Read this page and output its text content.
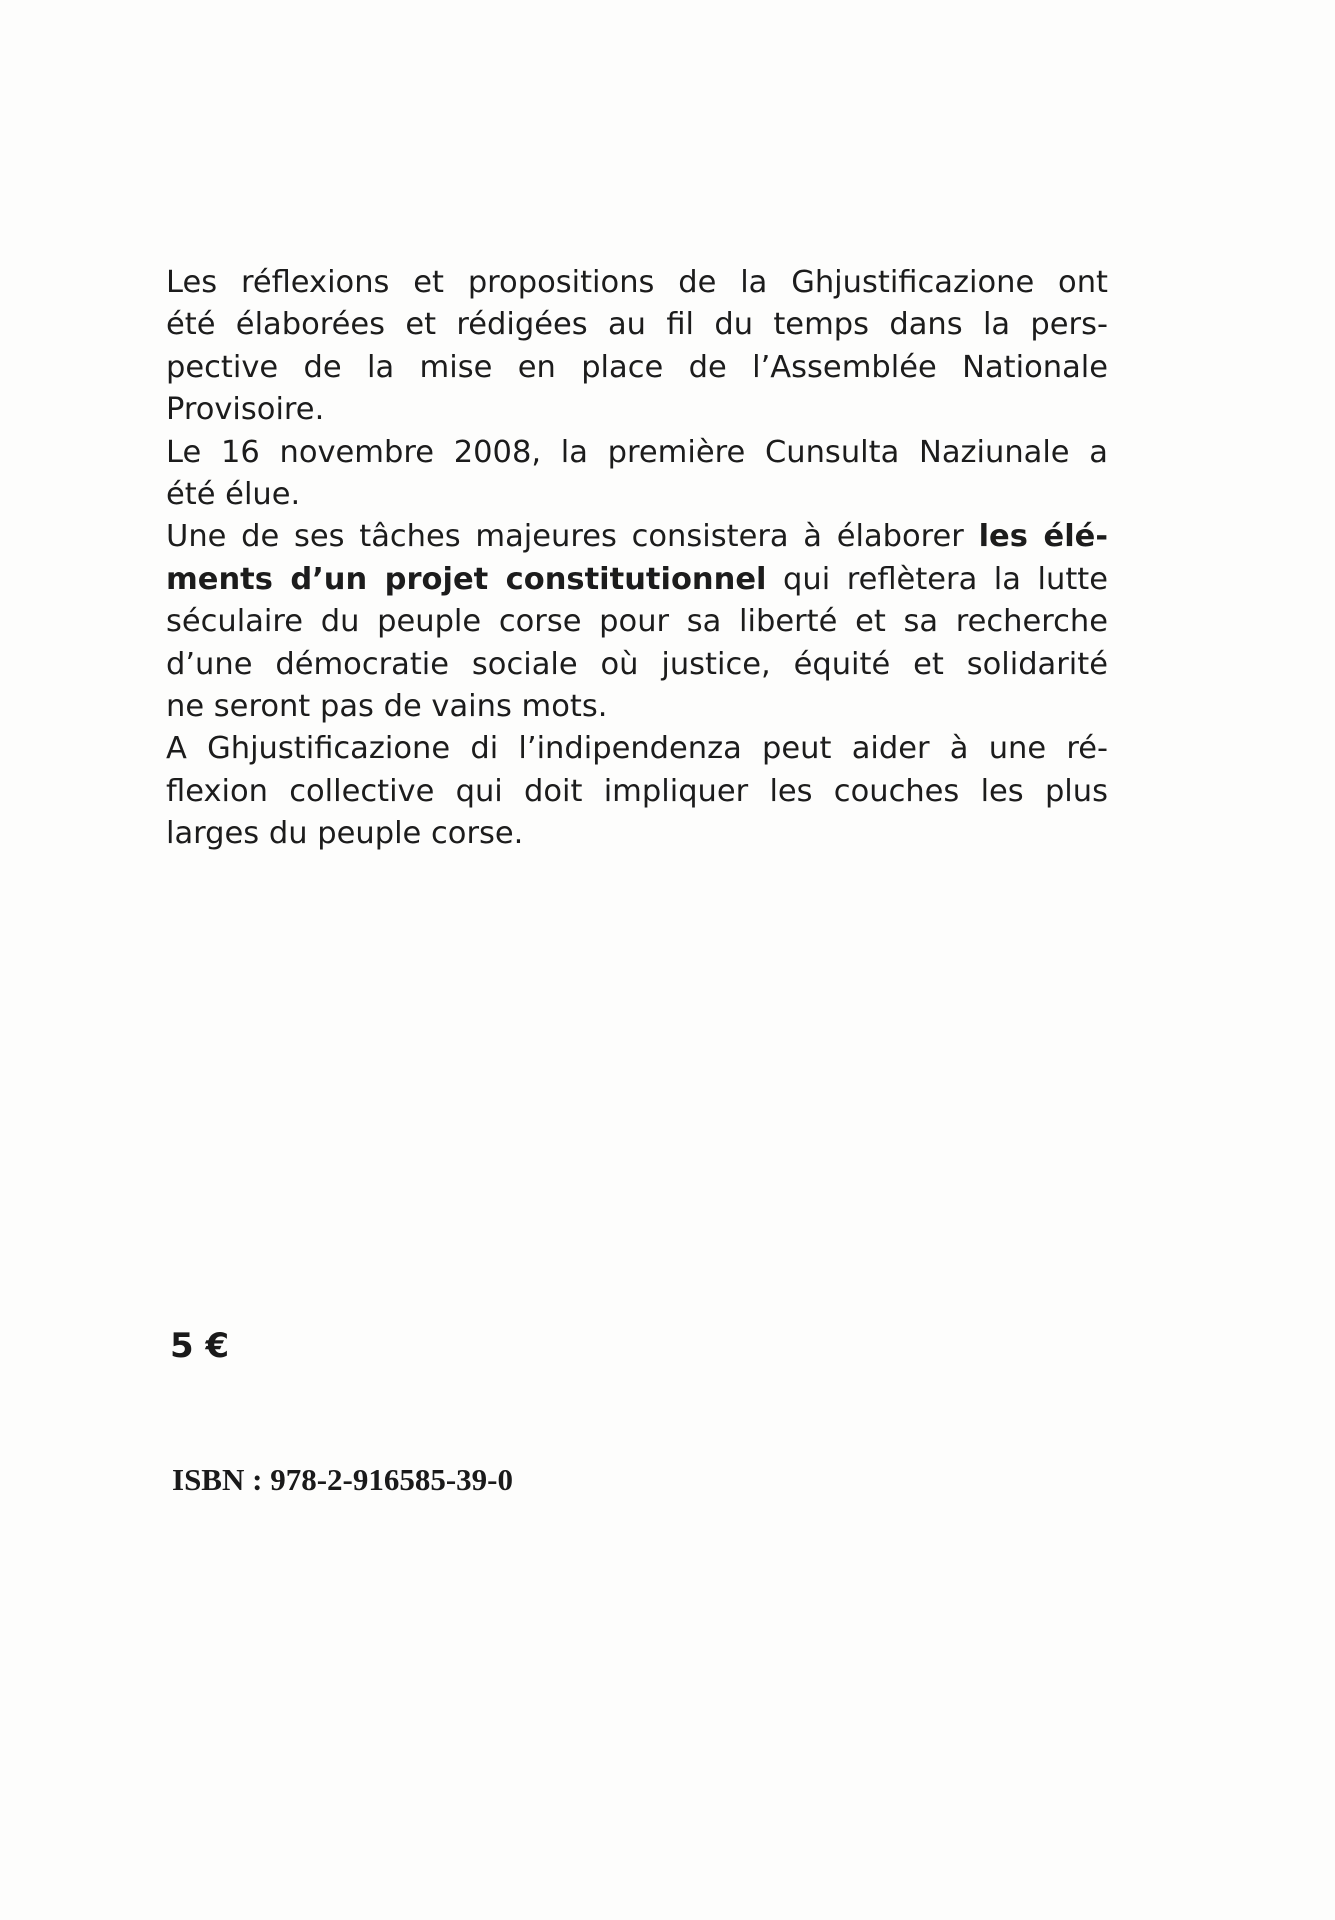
Les réflexions et propositions de la Ghjustificazione ont
été élaborées et rédigées au fil du temps dans la pers-
pective de la mise en place de l’Assemblée Nationale
Provisoire.
Le 16 novembre 2008, la première Cunsulta Naziunale a
été élue.
Une de ses tâches majeures consistera à élaborer les élé-
ments d’un projet constitutionnel qui reflètera la lutte
séculaire du peuple corse pour sa liberté et sa recherche
d’une démocratie sociale où justice, équité et solidarité
ne seront pas de vains mots.
A Ghjustificazione di l’indipendenza peut aider à une ré-
flexion collective qui doit impliquer les couches les plus
larges du peuple corse.
5 €
ISBN : 978-2-916585-39-0
